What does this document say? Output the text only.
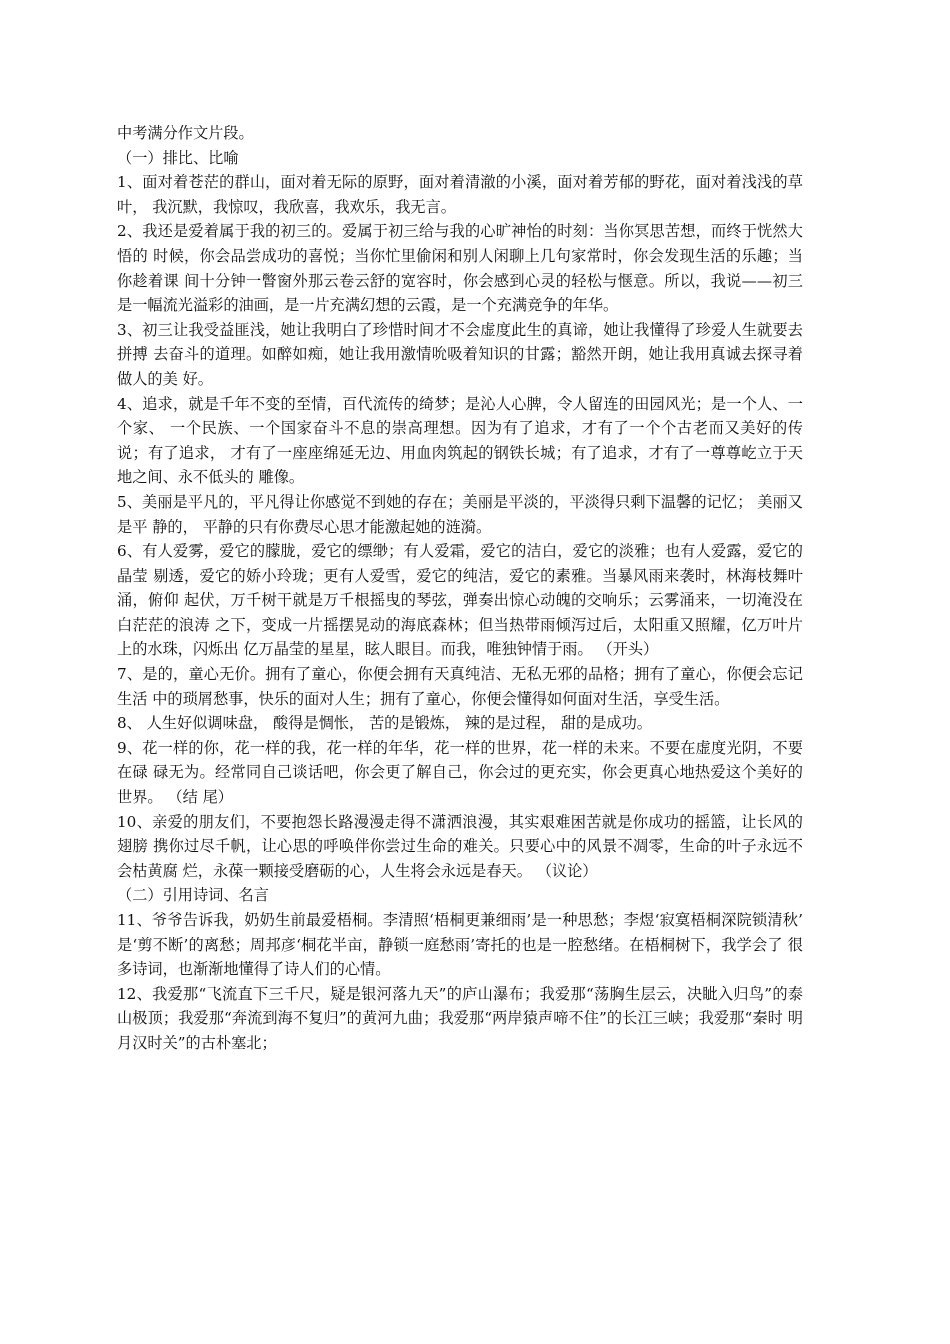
中考满分作文片段。

（一）排比、比喻

1、面对着苍茫的群山，面对着无际的原野，面对着清澈的小溪，面对着芳郁的野花，面对着浅浅的草叶， 我沉默，我惊叹，我欣喜，我欢乐，我无言。

2、我还是爱着属于我的初三的。爱属于初三给与我的心旷神怡的时刻：当你冥思苦想，而终于恍然大悟的 时候，你会品尝成功的喜悦；当你忙里偷闲和别人闲聊上几句家常时，你会发现生活的乐趣；当你趁着课 间十分钟一瞥窗外那云卷云舒的宽容时，你会感到心灵的轻松与惬意。所以，我说——初三是一幅流光溢彩的油画，是一片充满幻想的云霞，是一个充满竞争的年华。

3、初三让我受益匪浅，她让我明白了珍惜时间才不会虚度此生的真谛，她让我懂得了珍爱人生就要去拼搏 去奋斗的道理。如醉如痴，她让我用激情吮吸着知识的甘露；豁然开朗，她让我用真诚去探寻着做人的美 好。

4、追求，就是千年不变的至情，百代流传的绮梦；是沁人心脾，令人留连的田园风光；是一个人、一个家、 一个民族、一个国家奋斗不息的崇高理想。因为有了追求，才有了一个个古老而又美好的传说；有了追求， 才有了一座座绵延无边、用血肉筑起的钢铁长城；有了追求，才有了一尊尊屹立于天地之间、永不低头的 雕像。

5、美丽是平凡的，平凡得让你感觉不到她的存在；美丽是平淡的，平淡得只剩下温馨的记忆； 美丽又是平 静的， 平静的只有你费尽心思才能激起她的涟漪。

6、有人爱雾，爱它的朦胧，爱它的缥缈；有人爱霜，爱它的洁白，爱它的淡雅；也有人爱露，爱它的晶莹 剔透，爱它的娇小玲珑；更有人爱雪，爱它的纯洁，爱它的素雅。当暴风雨来袭时，林海枝舞叶涌，俯仰 起伏，万千树干就是万千根摇曳的琴弦，弹奏出惊心动魄的交响乐；云雾涌来，一切淹没在白茫茫的浪涛 之下，变成一片摇摆晃动的海底森林；但当热带雨倾泻过后，太阳重又照耀，亿万叶片上的水珠，闪烁出 亿万晶莹的星星，眩人眼目。而我，唯独钟情于雨。 （开头）

7、是的，童心无价。拥有了童心，你便会拥有天真纯洁、无私无邪的品格；拥有了童心，你便会忘记生活 中的琐屑愁事，快乐的面对人生；拥有了童心，你便会懂得如何面对生活，享受生活。

8、 人生好似调味盘， 酸得是惆怅， 苦的是锻炼， 辣的是过程， 甜的是成功。

9、花一样的你，花一样的我，花一样的年华，花一样的世界，花一样的未来。不要在虚度光阴，不要在碌 碌无为。经常同自己谈话吧，你会更了解自己，你会过的更充实，你会更真心地热爱这个美好的世界。 （结 尾）

10、亲爱的朋友们，不要抱怨长路漫漫走得不潇洒浪漫，其实艰难困苦就是你成功的摇篮，让长风的翅膀 携你过尽千帆，让心思的呼唤伴你尝过生命的难关。只要心中的风景不凋零，生命的叶子永远不会枯黄腐 烂，永葆一颗接受磨砺的心，人生将会永远是春天。 （议论）

（二）引用诗词、名言

11、爷爷告诉我，奶奶生前最爱梧桐。李清照‘梧桐更兼细雨’是一种思愁；李煜‘寂寞梧桐深院锁清秋’ 是‘剪不断’的离愁；周邦彦‘桐花半亩，静锁一庭愁雨’寄托的也是一腔愁绪。在梧桐树下，我学会了 很多诗词，也渐渐地懂得了诗人们的心情。

12、我爱那“飞流直下三千尺，疑是银河落九天”的庐山瀑布；我爱那“荡胸生层云，决眦入归鸟”的泰 山极顶；我爱那“奔流到海不复归”的黄河九曲；我爱那“两岸猿声啼不住”的长江三峡；我爱那“秦时 明月汉时关”的古朴塞北；
